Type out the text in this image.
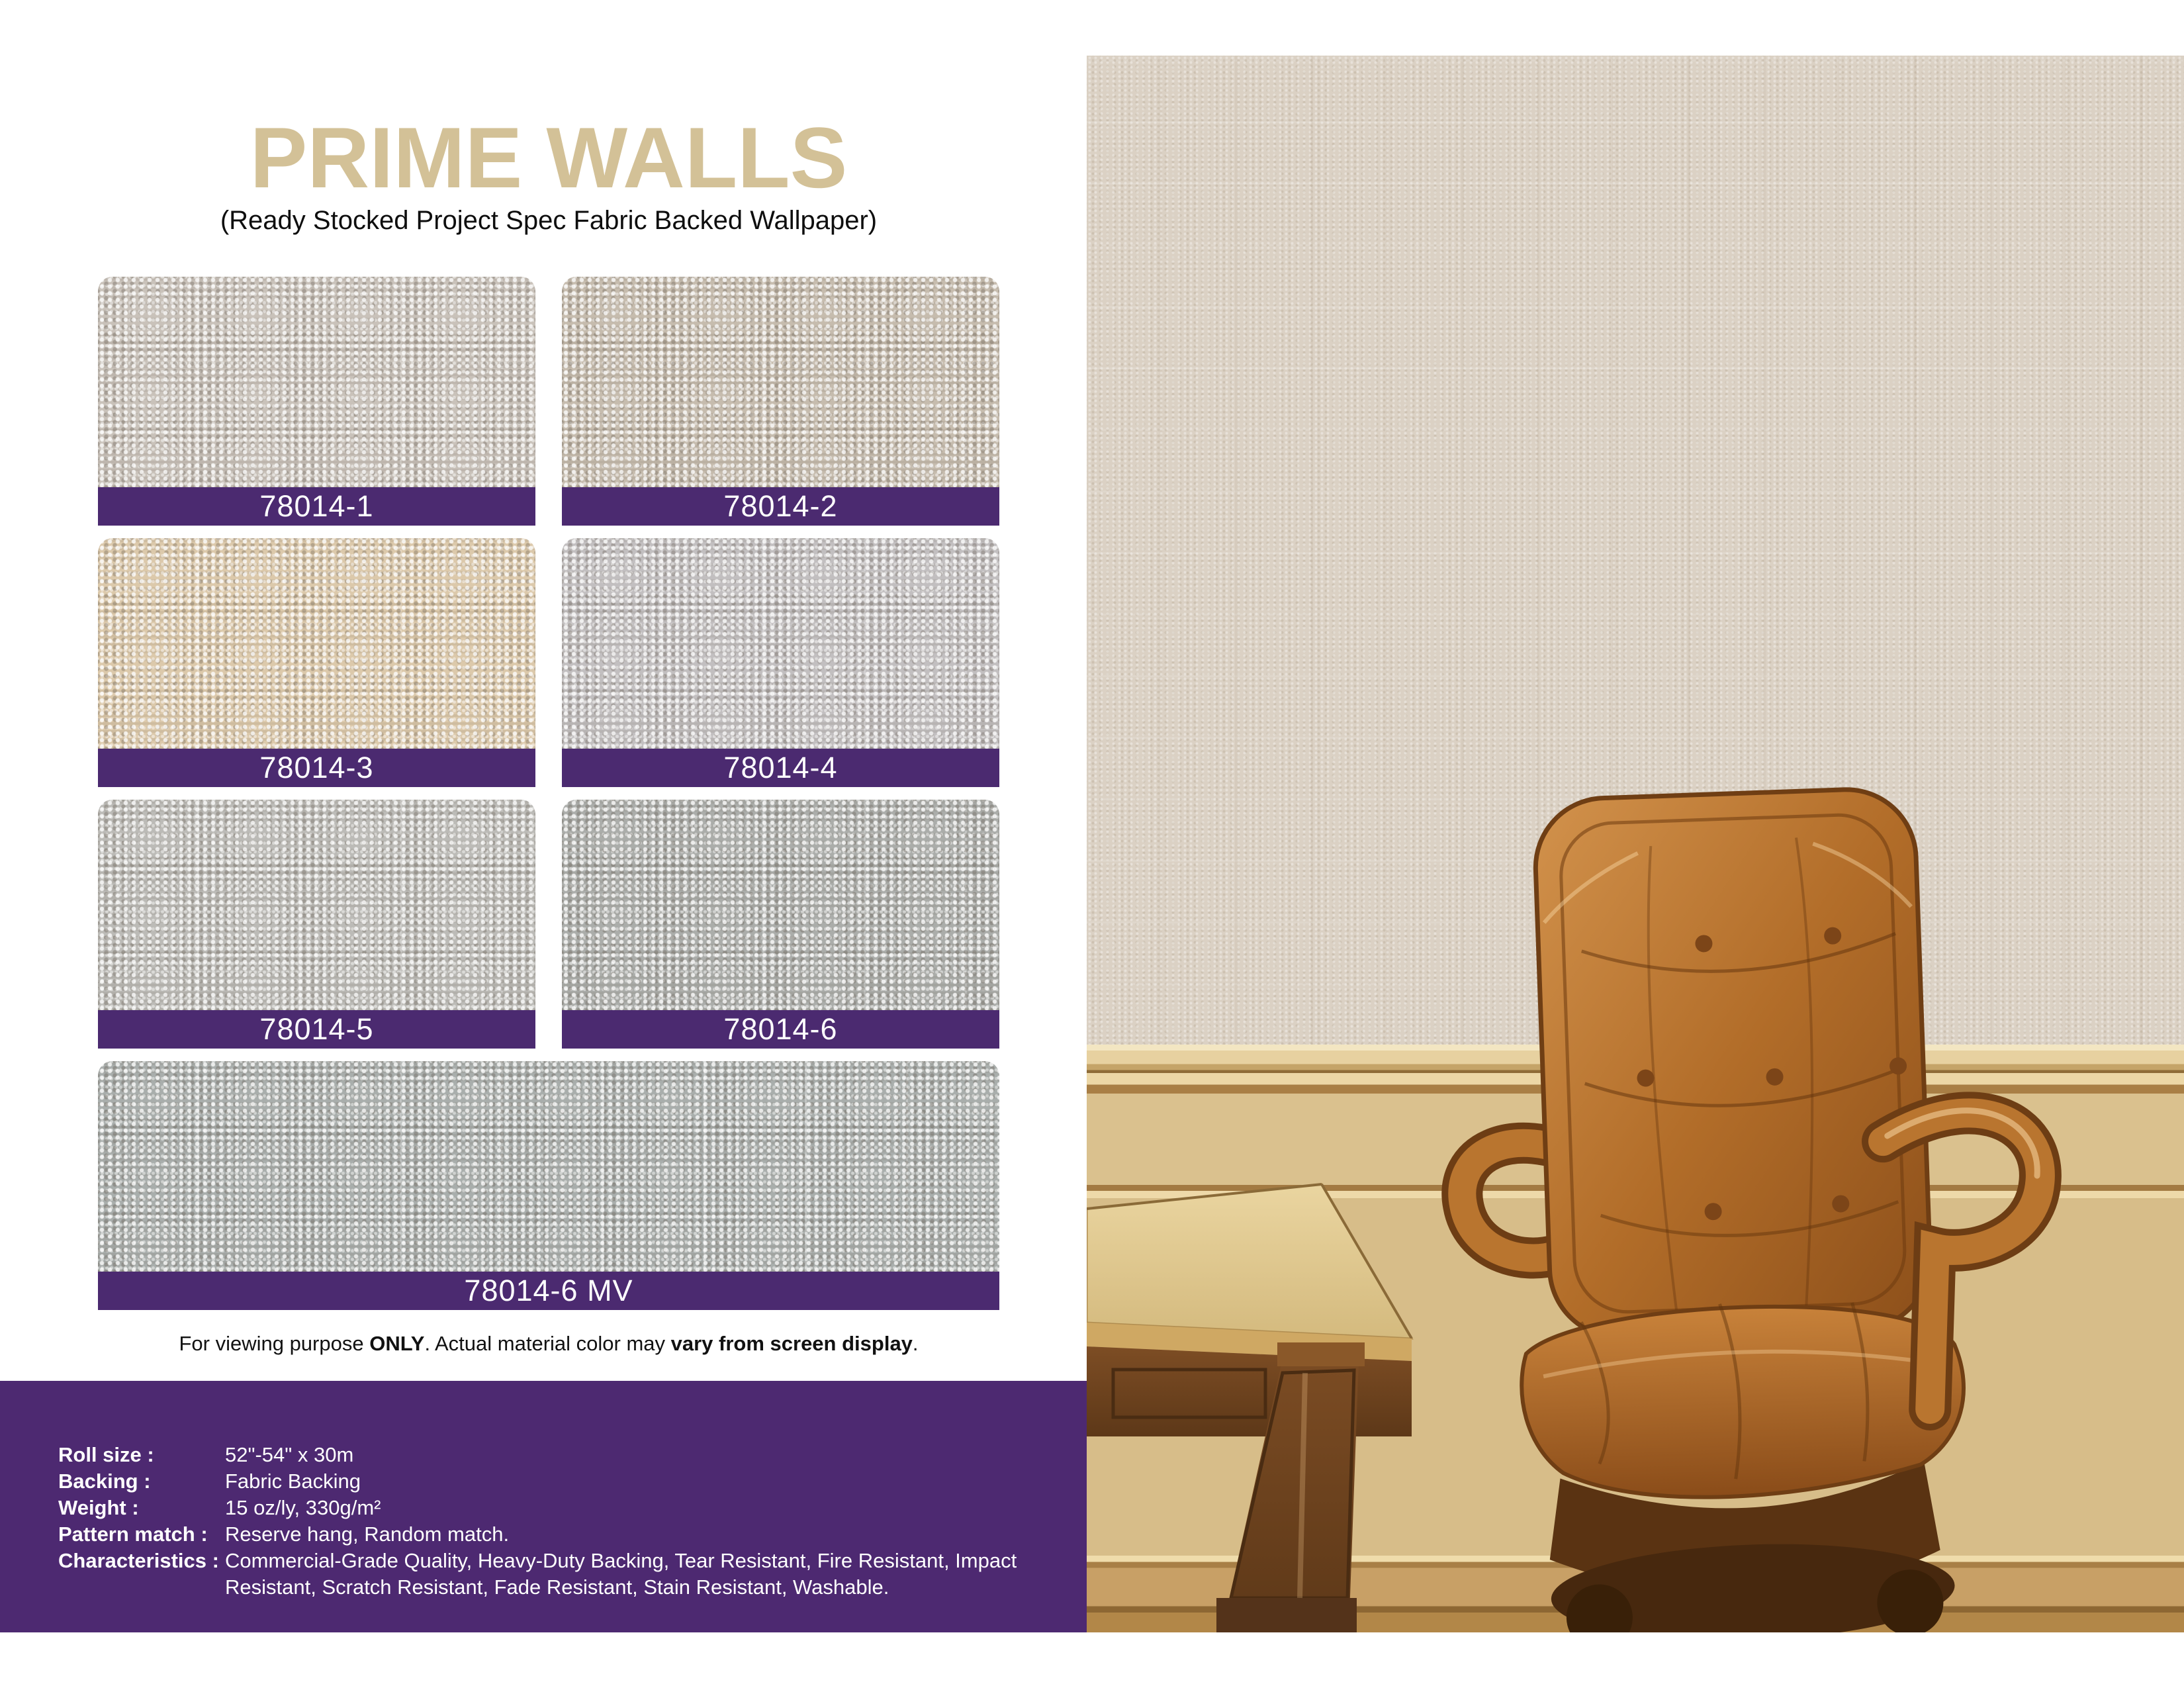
PRIME WALLS

(Ready Stocked Project Spec Fabric Backed Wallpaper)

78014-1	78014-2
78014-3	78014-4
78014-5	78014-6
78014-6 MV

For viewing purpose ONLY. Actual material color may vary from screen display.

Roll size :	52"-54" x 30m
Backing :	Fabric Backing
Weight :	15 oz/ly, 330g/m²
Pattern match : Reserve hang, Random match.
Characteristics : Commercial-Grade Quality, Heavy-Duty Backing, Tear Resistant, Fire Resistant, Impact Resistant, Scratch Resistant, Fade Resistant, Stain Resistant, Washable.
